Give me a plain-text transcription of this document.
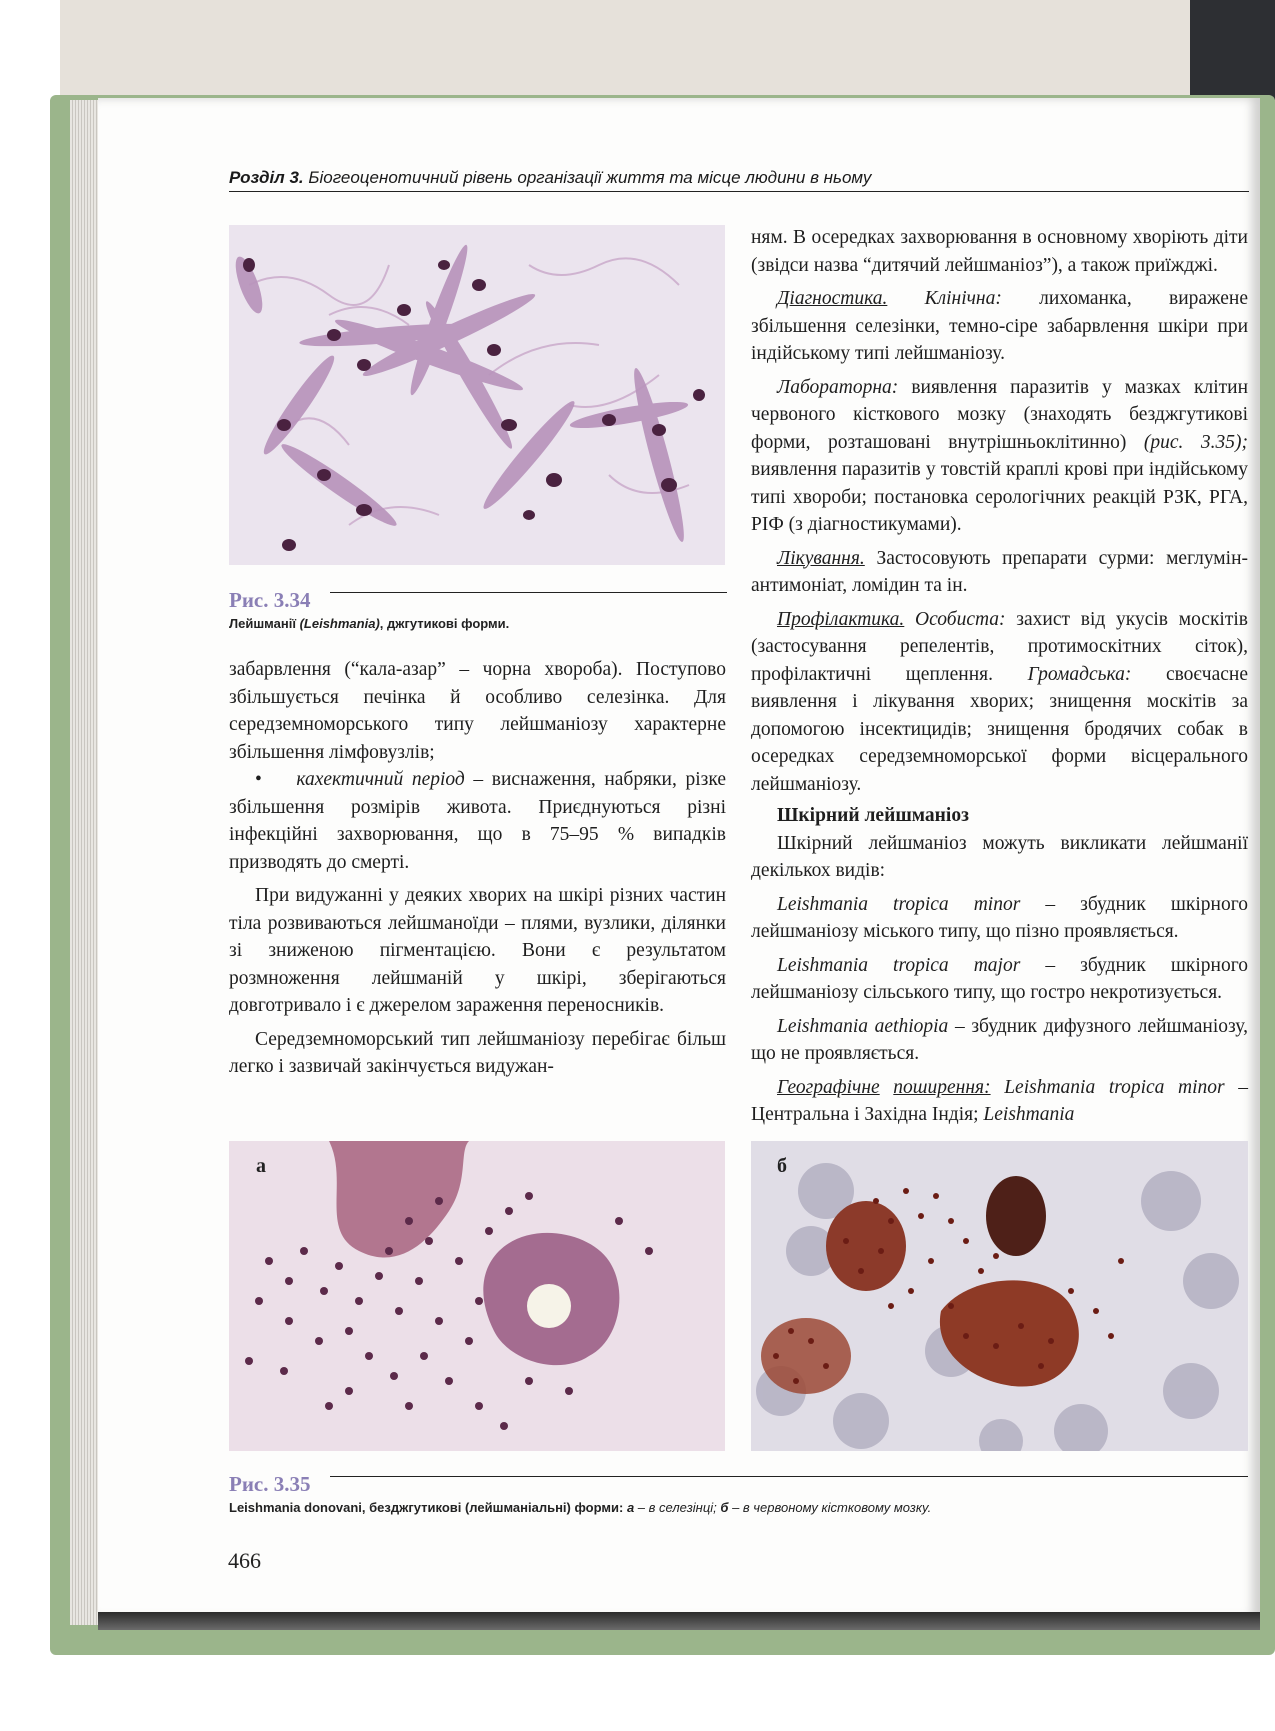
Розділ 3. Біогеоценотичний рівень організації життя та місце людини в ньому
Рис. 3.34
Лейшманії (Leishmania), джгутикові форми.

забарвлення (“кала-азар” – чорна хвороба). Поступово збільшується печінка й особливо селезінка. Для середземноморського типу лейшманіозу характерне збільшення лімфовузлів;

• кахектичний період – виснаження, набряки, різке збільшення розмірів живота. Приєднуються різні інфекційні захворювання, що в 75–95 % випадків призводять до смерті.

При видужанні у деяких хворих на шкірі різних частин тіла розвиваються лейшманоїди – плями, вузлики, ділянки зі зниженою пігментацією. Вони є результатом розмноження лейшманій у шкірі, зберігаються довготривало і є джерелом зараження переносників.

Середземноморський тип лейшманіозу перебігає більш легко і зазвичай закінчується видужан-

ням. В осередках захворювання в основному хворіють діти (звідси назва “дитячий лейшманіоз”), а також приїжджі.

Діагностика. Клінічна: лихоманка, виражене збільшення селезінки, темно-сіре забарвлення шкіри при індійському типі лейшманіозу.

Лабораторна: виявлення паразитів у мазках клітин червоного кісткового мозку (знаходять безджгутикові форми, розташовані внутрішньоклітинно) (рис. 3.35); виявлення паразитів у товстій краплі крові при індійському типі хвороби; постановка серологічних реакцій РЗК, РГА, РІФ (з діагностикумами).

Лікування. Застосовують препарати сурми: меглумін-антимоніат, ломідин та ін.

Профілактика. Особиста: захист від укусів москітів (застосування репелентів, протимоскітних сіток), профілактичні щеплення. Громадська: своєчасне виявлення і лікування хворих; знищення москітів за допомогою інсектицидів; знищення бродячих собак в осередках середземноморської форми вісцерального лейшманіозу.

Шкірний лейшманіоз

Шкірний лейшманіоз можуть викликати лейшманії декількох видів:

Leishmania tropica minor – збудник шкірного лейшманіозу міського типу, що пізно проявляється.

Leishmania tropica major – збудник шкірного лейшманіозу сільського типу, що гостро некротизується.

Leishmania aethiopia – збудник дифузного лейшманіозу, що не проявляється.

Географічне поширення: Leishmania tropica minor – Центральна і Західна Індія; Leishmania

а	б
Рис. 3.35
Leishmania donovani, безджгутикові (лейшманіальні) форми: а – в селезінці; б – в червоному кістковому мозку.
466
